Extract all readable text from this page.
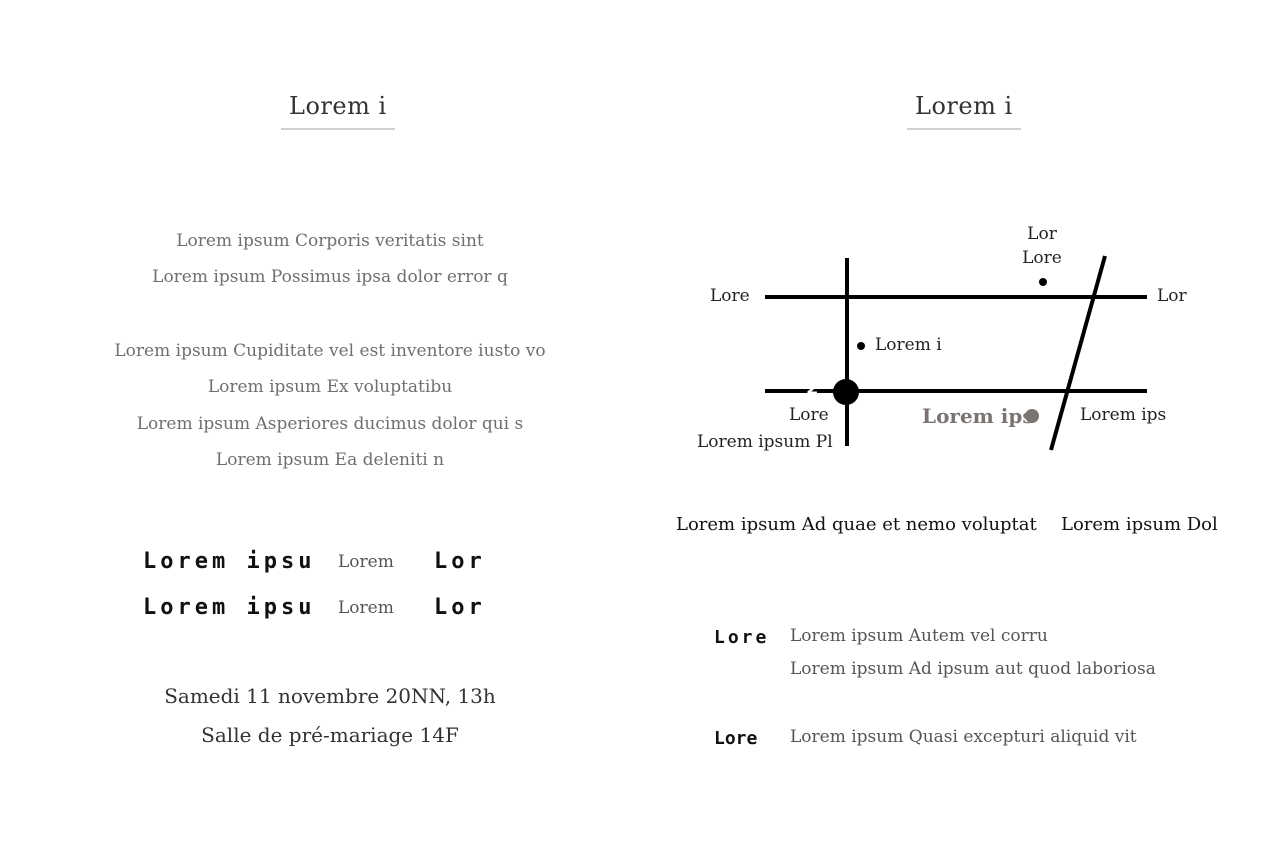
Lorem i
Lorem ipsum Corporis veritatis sint
Lorem ipsum Possimus ipsa dolor error q
Lorem ipsum Cupiditate vel est inventore iusto vo
Lorem ipsum Ex voluptatibu
Lorem ipsum Asperiores ducimus dolor qui s
Lorem ipsum Ea deleniti n
Lorem ipsu Lorem Lor
Lorem ipsu Lorem Lor
Samedi 11 novembre 20NN, 13h
Salle de pré-mariage 14F
Lorem i
2
Lor
Lore
Lore	Lor
Lorem i
Lore
Lorem ipsum Pl
Lorem ips	Lorem ips
Lorem ipsum Ad quae et nemo voluptat Lorem ipsum Dol
Lore Lorem ipsum Autem vel corru
Lorem ipsum Ad ipsum aut quod laboriosa
Lore Lorem ipsum Quasi excepturi aliquid vit
